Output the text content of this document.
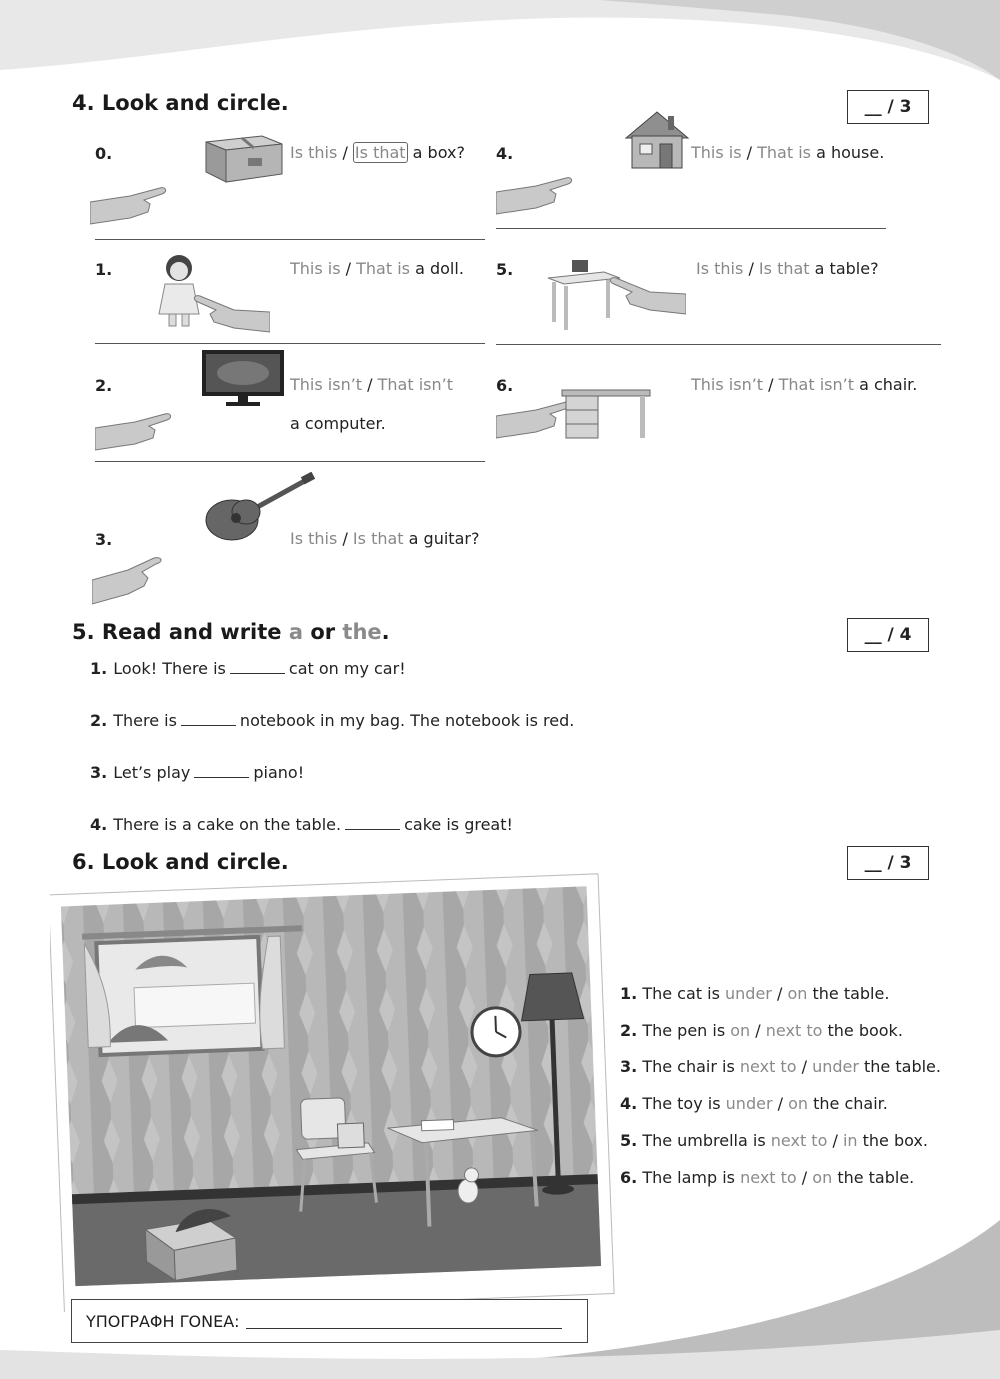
4. Look and circle.	__ / 3
0.	Is this / Is that a box? 4.	This is / That is a house.
1.	This is / That is a doll. 5.	Is this / Is that a table?
2.	This isn’t / That isn’t
a computer.
6.	This isn’t / That isn’t a chair.
3.	Is this / Is that a guitar?
5. Read and write a or the.	__ / 4
1. Look! There is	cat on my car!
2. There is	notebook in my bag. The notebook is red.
3. Let’s play	piano!
4. There is a cake on the table.	cake is great!
6. Look and circle.	__ / 3
1. The cat is under / on the table.
2. The pen is on / next to the book.
3. The chair is next to / under the table.
4. The toy is under / on the chair.
5. The umbrella is next to / in the box.
6. The lamp is next to / on the table.
ΥΠΟΓΡΑΦΗ ΓΟΝΕΑ:
